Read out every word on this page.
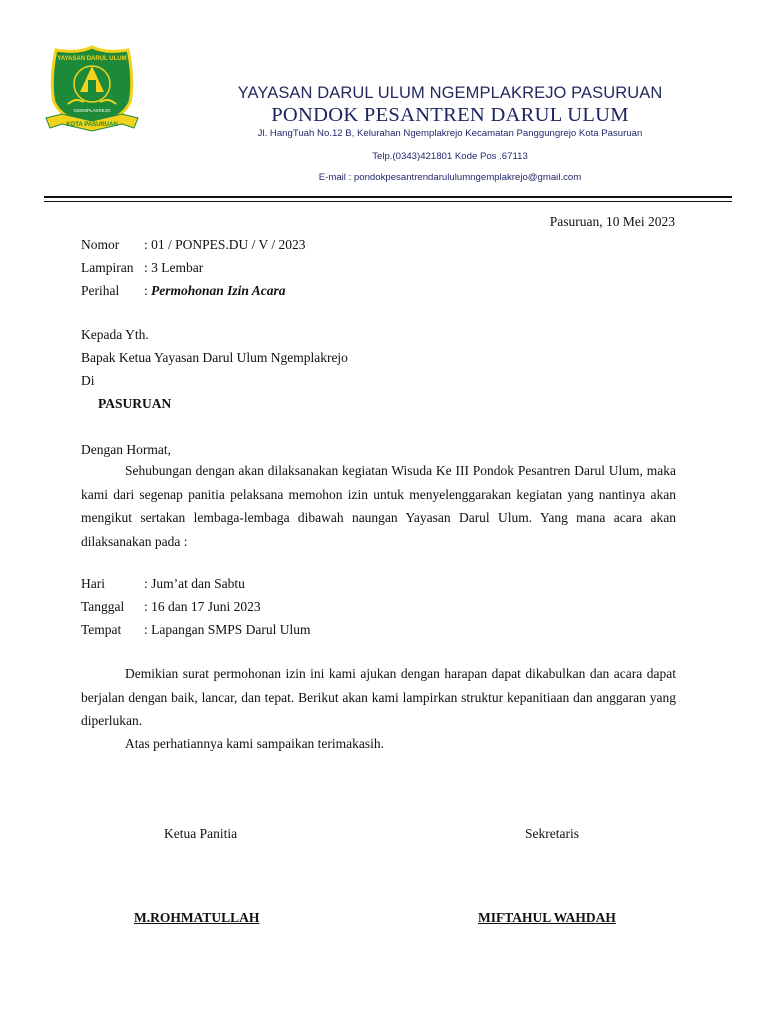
YAYASAN DARUL ULUM
NGEMPLAKREJO
KOTA PASURUAN
YAYASAN DARUL ULUM NGEMPLAKREJO PASURUAN
PONDOK PESANTREN DARUL ULUM
Jl. HangTuah No.12 B, Kelurahan Ngemplakrejo Kecamatan Panggungrejo Kota Pasuruan
Telp.(0343)421801 Kode Pos .67113
E-mail : pondokpesantrendarululumngemplakrejo@gmail.com
Pasuruan, 10 Mei 2023
Nomor : 01 / PONPES.DU / V / 2023
Lampiran : 3 Lembar
Perihal : Permohonan Izin Acara
Kepada Yth.
Bapak Ketua Yayasan Darul Ulum Ngemplakrejo
Di
PASURUAN
Dengan Hormat,
Sehubungan dengan akan dilaksanakan kegiatan Wisuda Ke III Pondok Pesantren Darul Ulum, maka kami dari segenap panitia pelaksana memohon izin untuk menyelenggarakan kegiatan yang nantinya akan mengikut sertakan lembaga-lembaga dibawah naungan Yayasan Darul Ulum. Yang mana acara akan dilaksanakan pada :
Hari	: Jum’at dan Sabtu
Tanggal : 16 dan 17 Juni 2023
Tempat : Lapangan SMPS Darul Ulum
Demikian surat permohonan izin ini kami ajukan dengan harapan dapat dikabulkan dan acara dapat berjalan dengan baik, lancar, dan tepat. Berikut akan kami lampirkan struktur kepanitiaan dan anggaran yang diperlukan.
Atas perhatiannya kami sampaikan terimakasih.
Ketua Panitia	Sekretaris
M.ROHMATULLAH	MIFTAHUL WAHDAH
